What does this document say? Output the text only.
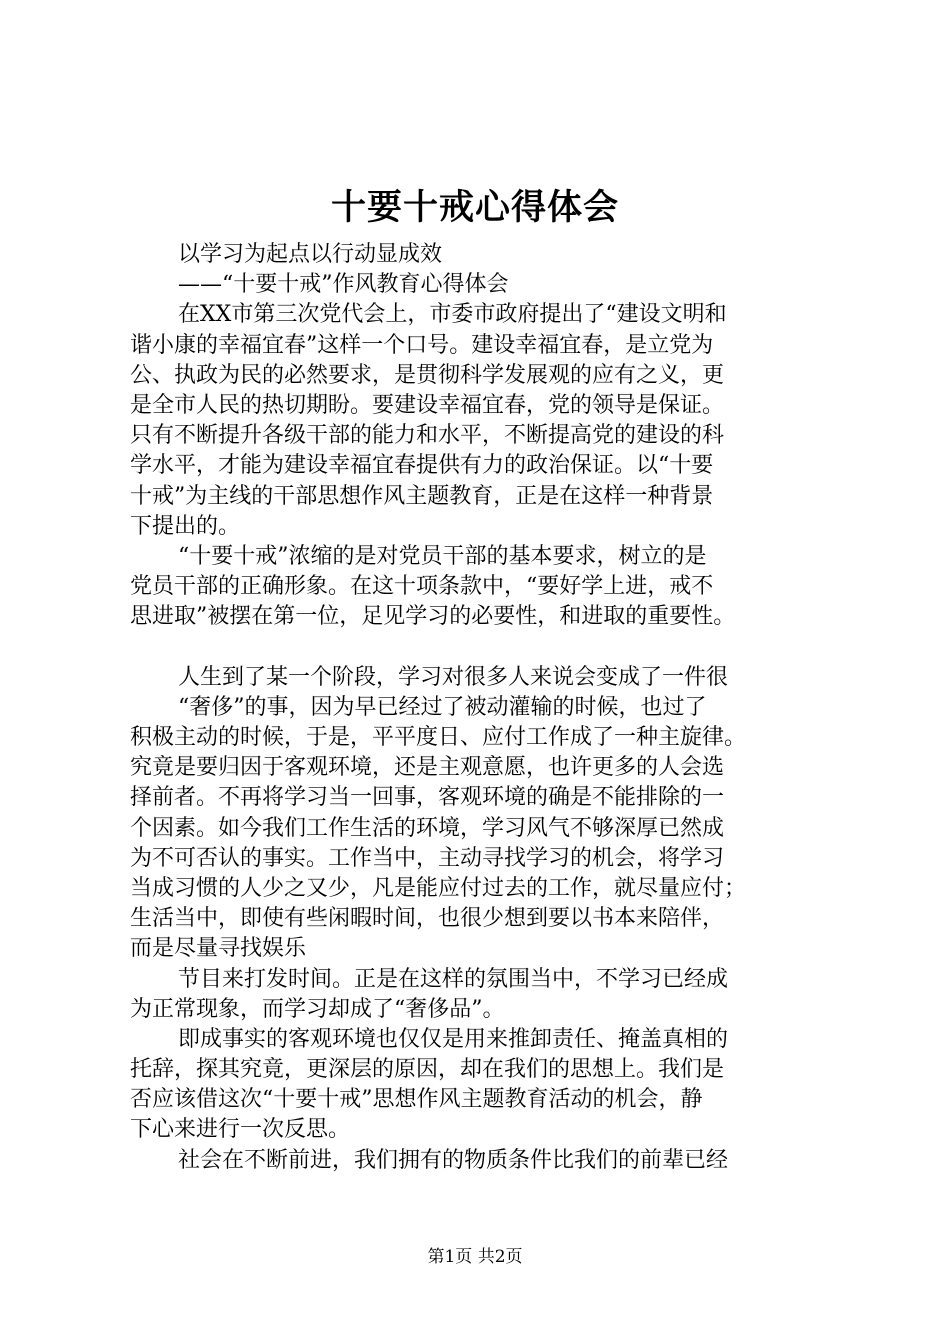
十要十戒心得体会
以学习为起点以行动显成效
——“十要十戒”作风教育心得体会
在XX市第三次党代会上，市委市政府提出了“建设文明和
谐小康的幸福宜春”这样一个口号。建设幸福宜春，是立党为
公、执政为民的必然要求，是贯彻科学发展观的应有之义，更
是全市人民的热切期盼。要建设幸福宜春，党的领导是保证。
只有不断提升各级干部的能力和水平，不断提高党的建设的科
学水平，才能为建设幸福宜春提供有力的政治保证。以“十要
十戒”为主线的干部思想作风主题教育，正是在这样一种背景
下提出的。
“十要十戒”浓缩的是对党员干部的基本要求，树立的是
党员干部的正确形象。在这十项条款中，“要好学上进，戒不
思进取”被摆在第一位，足见学习的必要性，和进取的重要性。
人生到了某一个阶段，学习对很多人来说会变成了一件很
“奢侈”的事，因为早已经过了被动灌输的时候，也过了
积极主动的时候，于是，平平度日、应付工作成了一种主旋律。
究竟是要归因于客观环境，还是主观意愿，也许更多的人会选
择前者。不再将学习当一回事，客观环境的确是不能排除的一
个因素。如今我们工作生活的环境，学习风气不够深厚已然成
为不可否认的事实。工作当中，主动寻找学习的机会，将学习
当成习惯的人少之又少，凡是能应付过去的工作，就尽量应付；
生活当中，即使有些闲暇时间，也很少想到要以书本来陪伴，
而是尽量寻找娱乐
节目来打发时间。正是在这样的氛围当中，不学习已经成
为正常现象，而学习却成了“奢侈品”。
即成事实的客观环境也仅仅是用来推卸责任、掩盖真相的
托辞，探其究竟，更深层的原因，却在我们的思想上。我们是
否应该借这次“十要十戒”思想作风主题教育活动的机会，静
下心来进行一次反思。
社会在不断前进，我们拥有的物质条件比我们的前辈已经
第1页 共2页
